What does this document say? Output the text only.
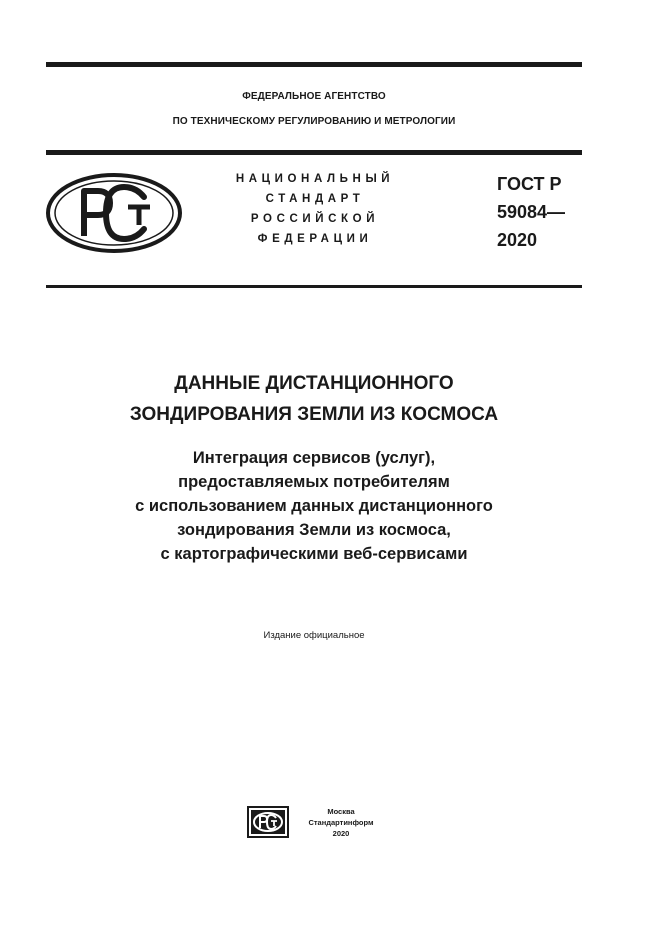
ФЕДЕРАЛЬНОЕ АГЕНТСТВО
ПО ТЕХНИЧЕСКОМУ РЕГУЛИРОВАНИЮ И МЕТРОЛОГИИ
НАЦИОНАЛЬНЫЙ
СТАНДАРТ
РОССИЙСКОЙ
ФЕДЕРАЦИИ
ГОСТ Р
59084—
2020
ДАННЫЕ ДИСТАНЦИОННОГО
ЗОНДИРОВАНИЯ ЗЕМЛИ ИЗ КОСМОСА
Интеграция сервисов (услуг),
предоставляемых потребителям
с использованием данных дистанционного
зондирования Земли из космоса,
с картографическими веб-сервисами
Издание официальное
Москва
Стандартинформ
2020
